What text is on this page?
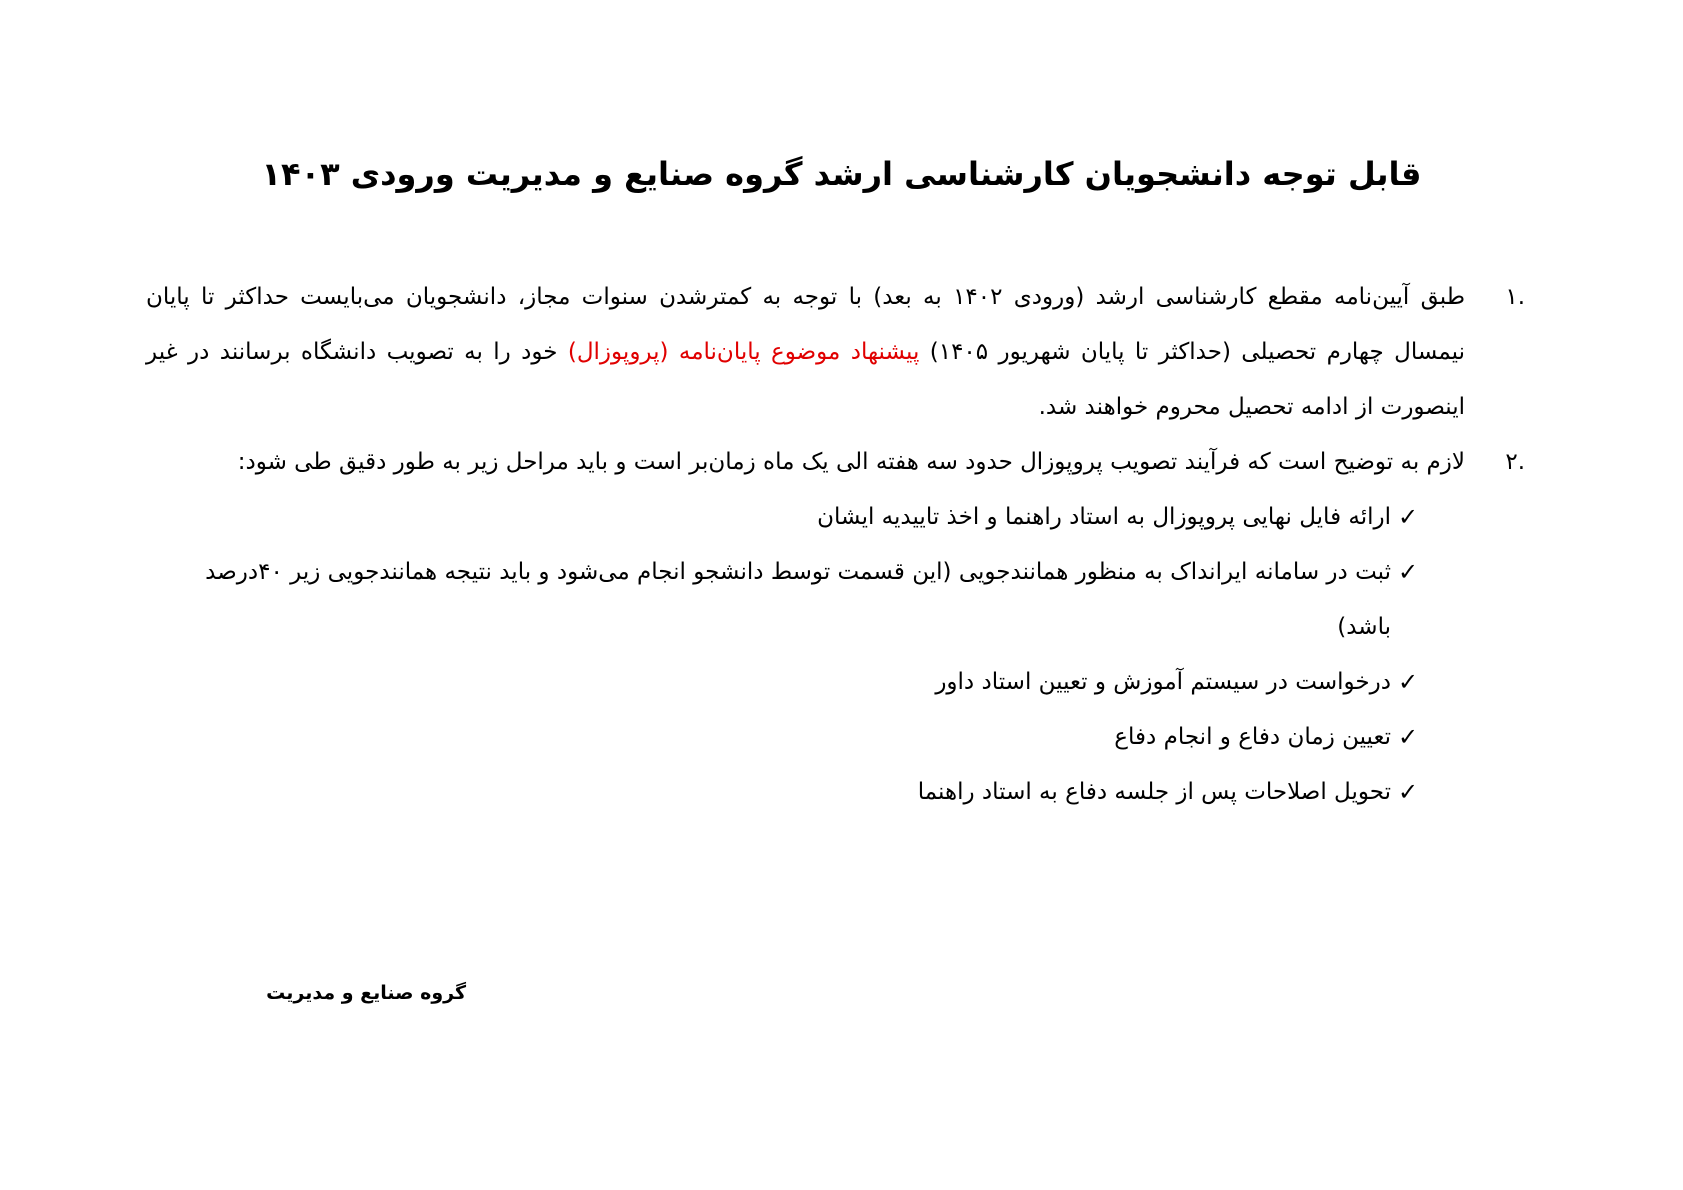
قابل توجه دانشجویان کارشناسی ارشد گروه صنایع و مدیریت ورودی ۱۴۰۳

.۱
طبق آیین‌نامه مقطع کارشناسی ارشد (ورودی ۱۴۰۲ به بعد) با توجه به کمترشدن سنوات مجاز، دانشجویان می‌بایست حداکثر تا پایان نیمسال چهارم تحصیلی (حداکثر تا پایان شهریور ۱۴۰۵) پیشنهاد موضوع پایان‌نامه (پروپوزال) خود را به تصویب دانشگاه برسانند در غیر اینصورت از ادامه تحصیل محروم خواهند شد.

.۲
لازم به توضیح است که فرآیند تصویب پروپوزال حدود سه هفته الی یک ماه زمان‌بر است و باید مراحل زیر به طور دقیق طی شود:

✓
ارائه فایل نهایی پروپوزال به استاد راهنما و اخذ تاییدیه ایشان
✓
ثبت در سامانه ایرانداک به منظور همانندجویی (این قسمت توسط دانشجو انجام می‌شود و باید نتیجه همانندجویی زیر ۴۰درصد باشد)
✓
درخواست در سیستم آموزش و تعیین استاد داور
✓
تعیین زمان دفاع و انجام دفاع
✓
تحویل اصلاحات پس از جلسه دفاع به استاد راهنما

گروه صنایع و مدیریت
